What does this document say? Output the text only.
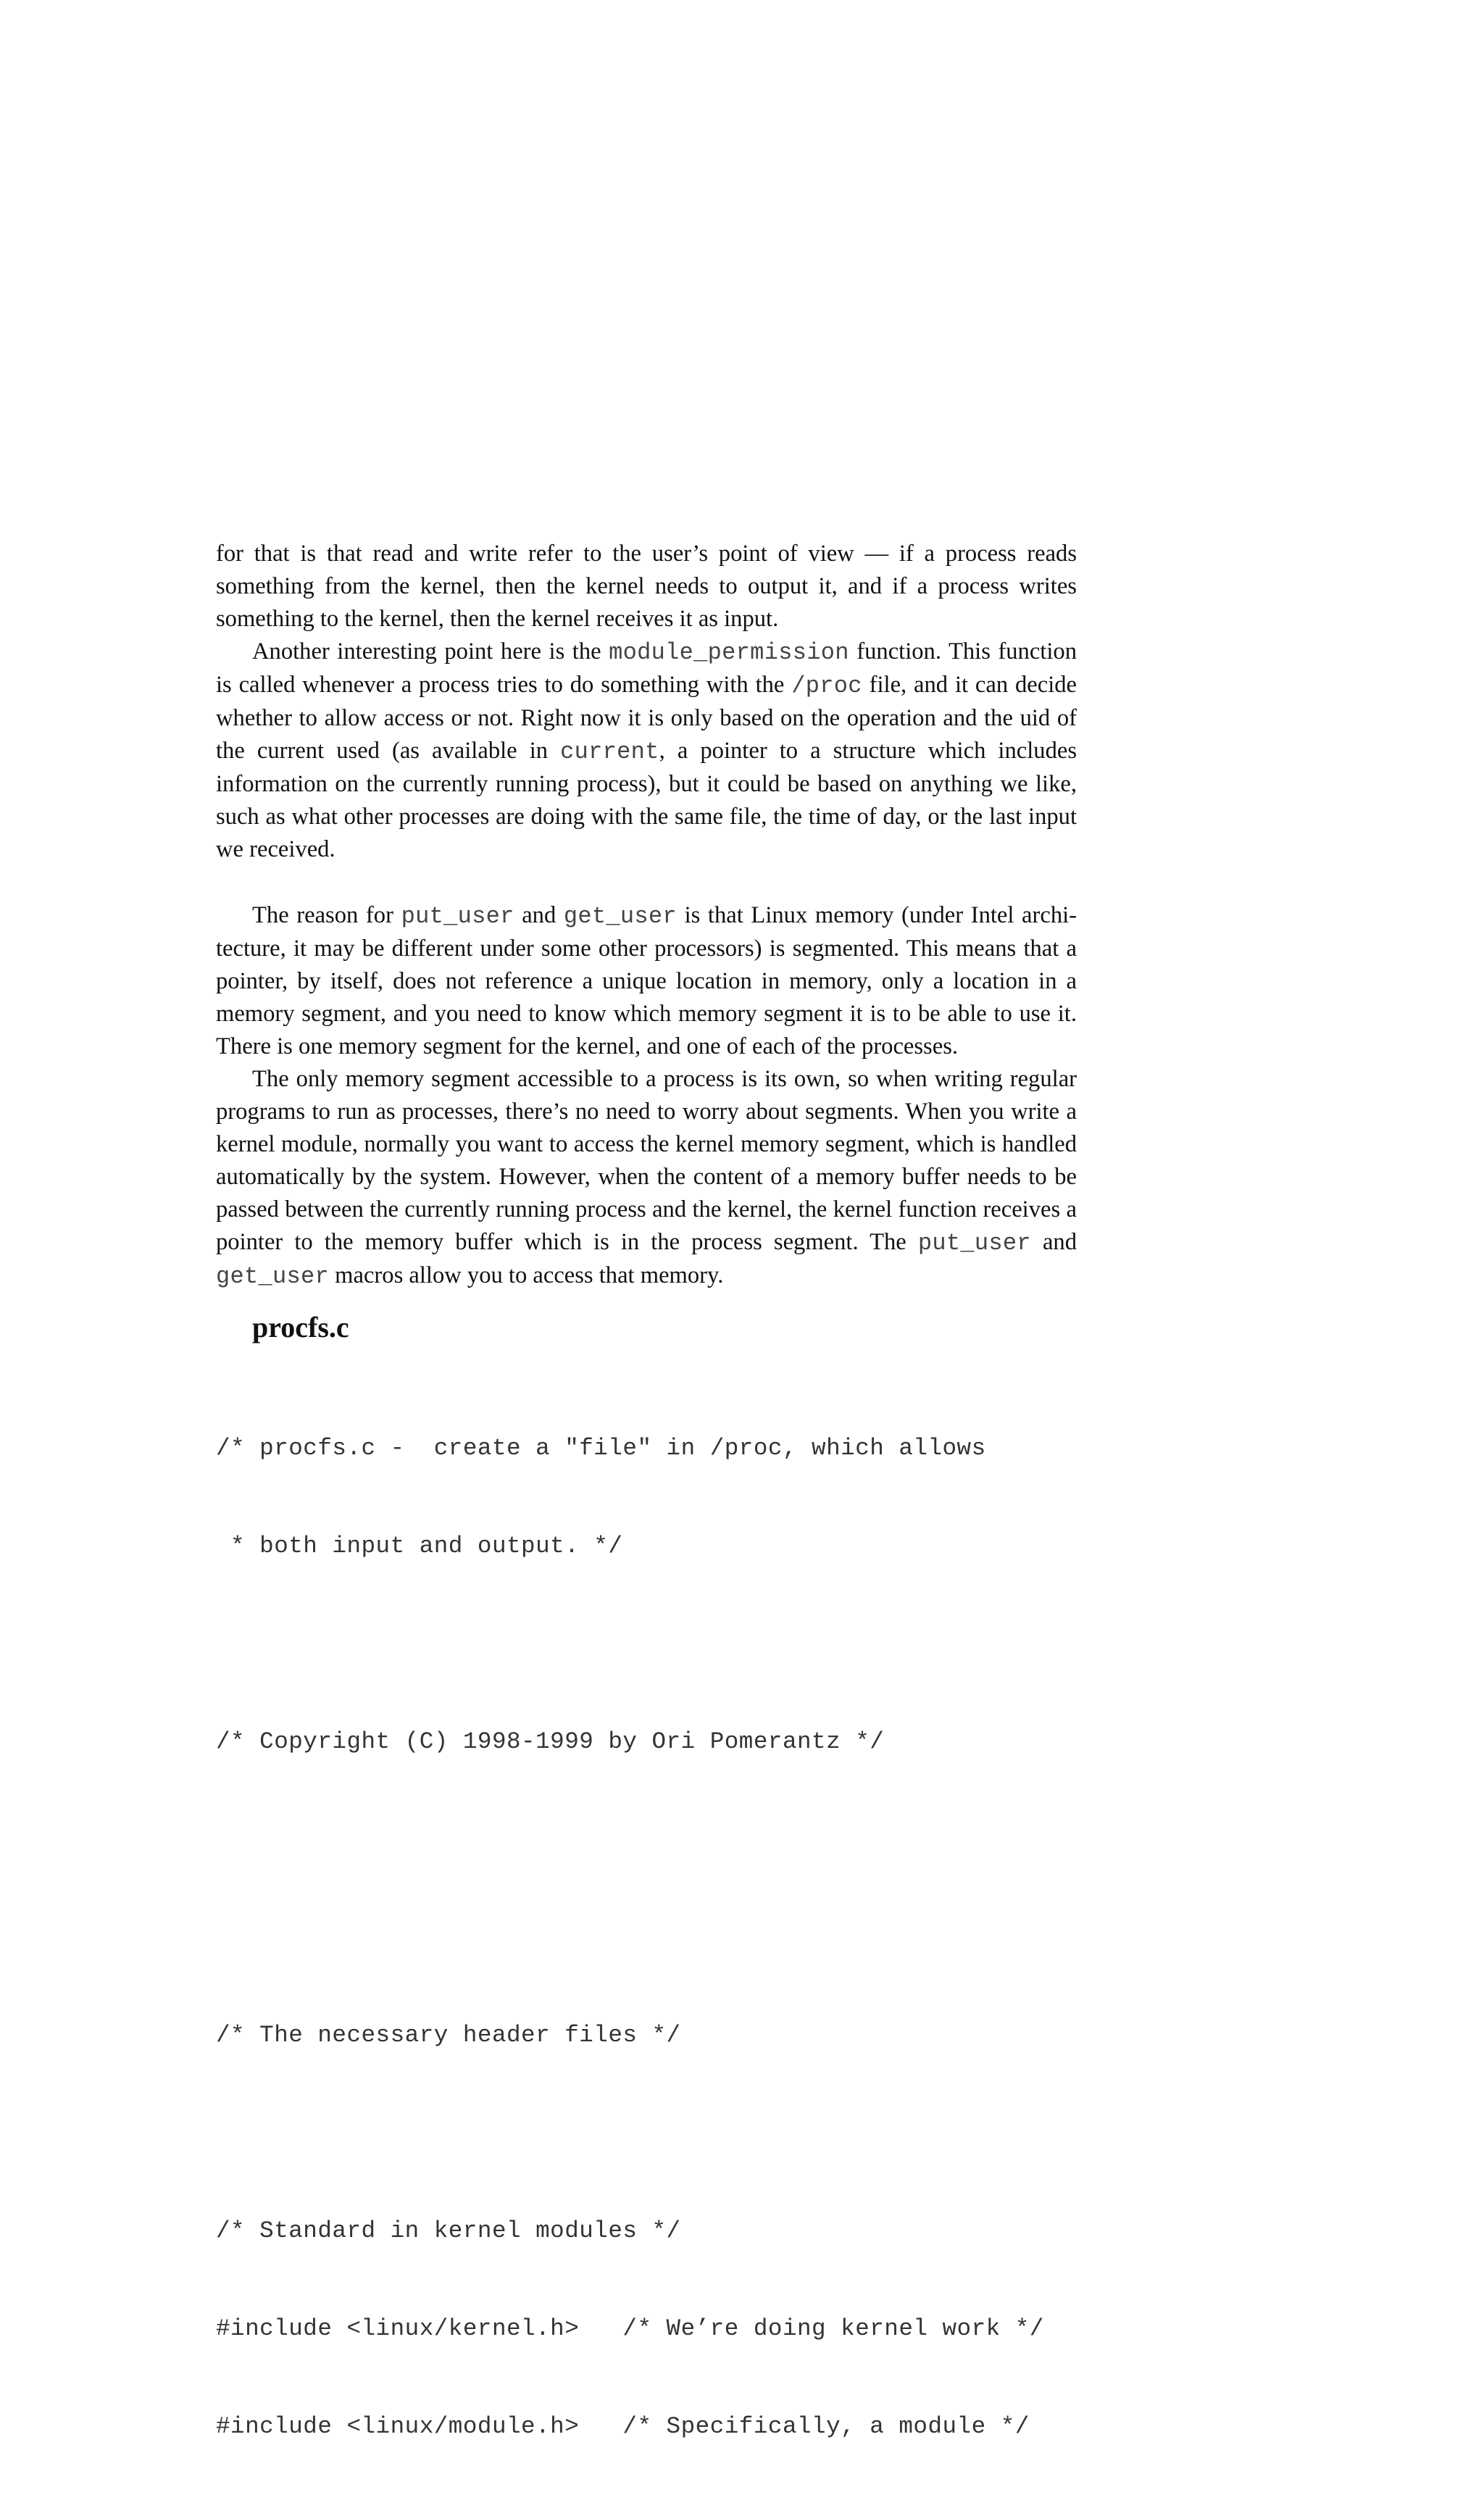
for that is that read and write refer to the user’s point of view — if a process reads something from the kernel, then the kernel needs to output it, and if a process writes something to the kernel, then the kernel receives it as input.

Another interesting point here is the module_permission function. This function is called whenever a process tries to do something with the /proc file, and it can decide whether to allow access or not. Right now it is only based on the operation and the uid of the current used (as available in current, a pointer to a structure which includes information on the currently running process), but it could be based on anything we like, such as what other processes are doing with the same file, the time of day, or the last input we received.

The reason for put_user and get_user is that Linux memory (under Intel architecture, it may be different under some other processors) is segmented. This means that a pointer, by itself, does not reference a unique location in memory, only a location in a memory segment, and you need to know which memory segment it is to be able to use it. There is one memory segment for the kernel, and one of each of the processes.

The only memory segment accessible to a process is its own, so when writing regular programs to run as processes, there’s no need to worry about segments. When you write a kernel module, normally you want to access the kernel memory segment, which is handled automatically by the system. However, when the content of a memory buffer needs to be passed between the currently running process and the kernel, the kernel function receives a pointer to the memory buffer which is in the process segment. The put_user and get_user macros allow you to access that memory.

procfs.c

/* procfs.c -  create a "file" in /proc, which allows

* both input and output. */

/* Copyright (C) 1998-1999 by Ori Pomerantz */

/* The necessary header files */

/* Standard in kernel modules */

#include <linux/kernel.h>   /* We’re doing kernel work */

#include <linux/module.h>   /* Specifically, a module */
